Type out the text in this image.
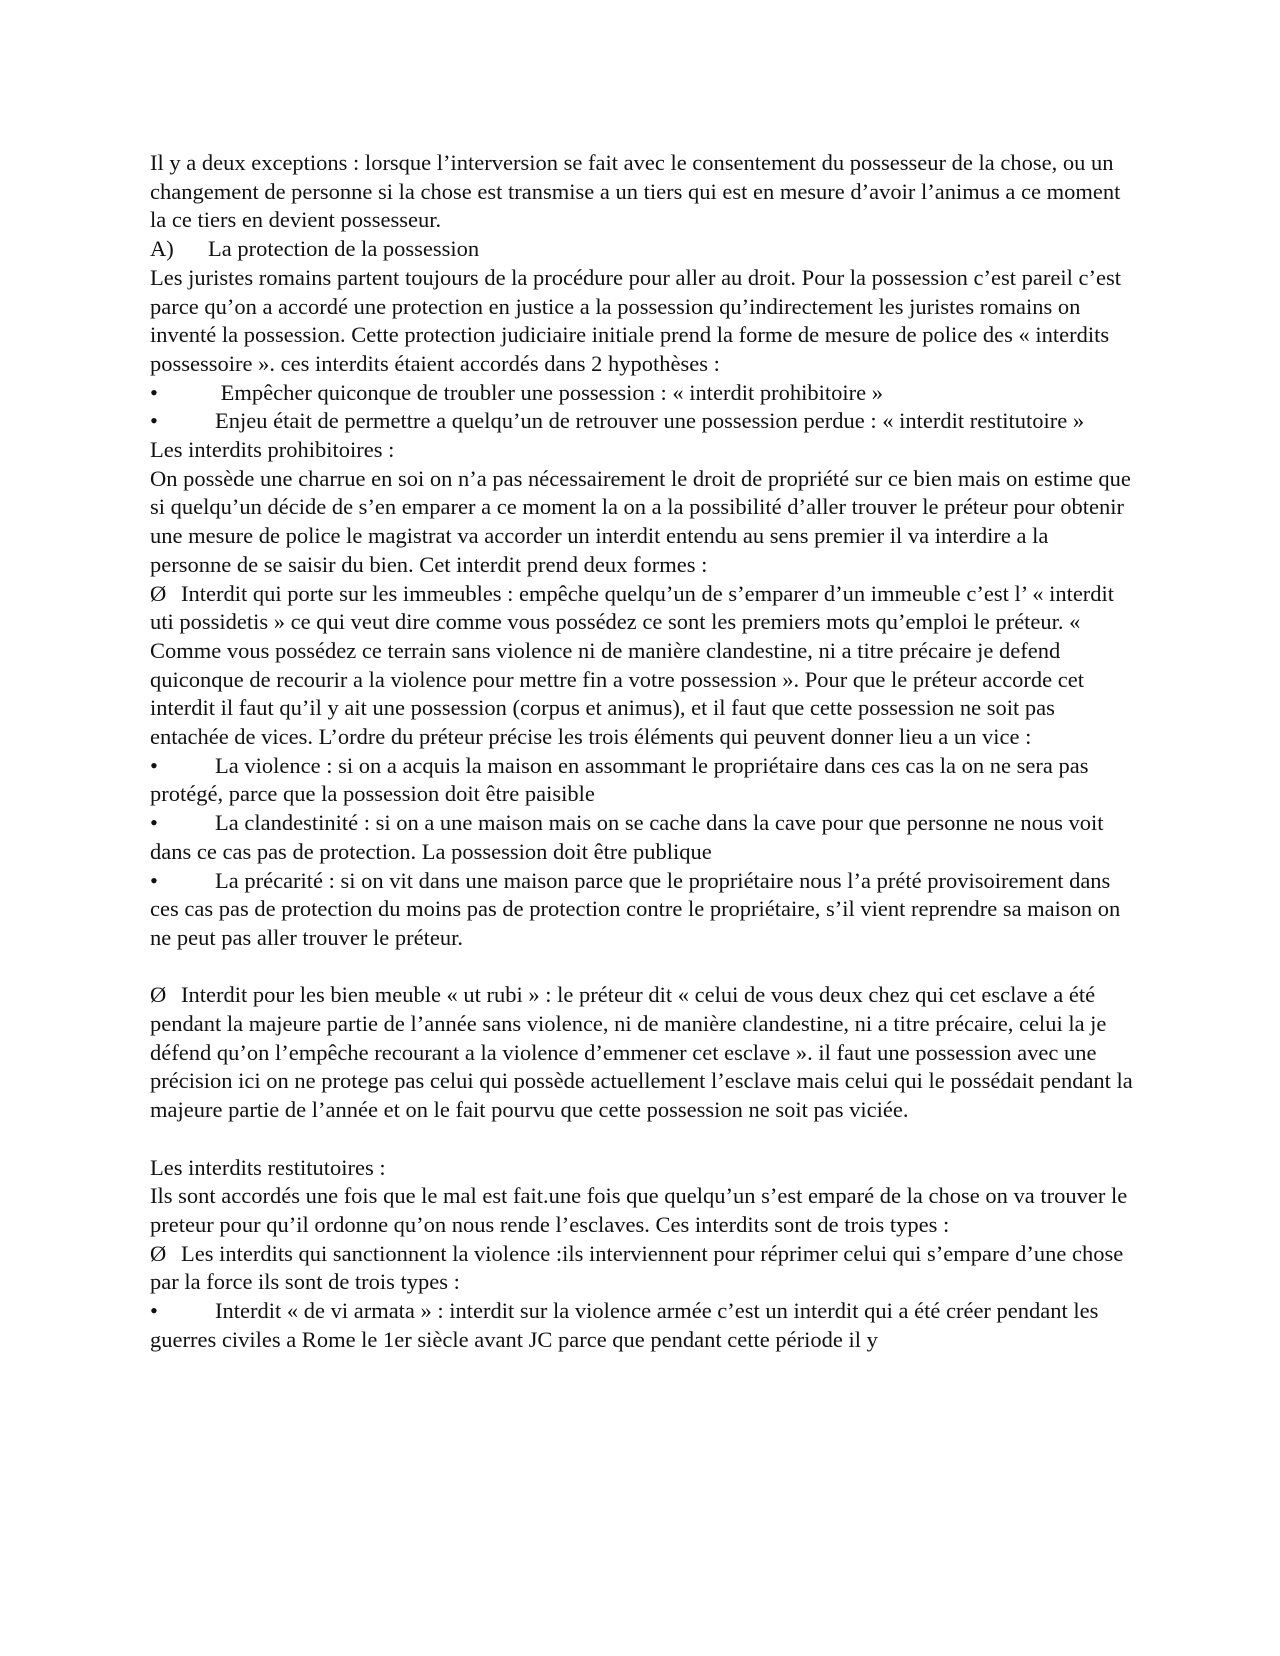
Il y a deux exceptions : lorsque l’interversion se fait avec le consentement du possesseur de la chose, ou un changement de personne si la chose est transmise a un tiers qui est en mesure d’avoir l’animus a ce moment la ce tiers en devient possesseur.

A) La protection de la possession

Les juristes romains partent toujours de la procédure pour aller au droit. Pour la possession c’est pareil c’est parce qu’on a accordé une protection en justice a la possession qu’indirectement les juristes romains on inventé la possession. Cette protection judiciaire initiale prend la forme de mesure de police des « interdits possessoire ». ces interdits étaient accordés dans 2 hypothèses :

•	Empêcher quiconque de troubler une possession : « interdit prohibitoire »

•	Enjeu était de permettre a quelqu’un de retrouver une possession perdue : « interdit restitutoire »

Les interdits prohibitoires :

On possède une charrue en soi on n’a pas nécessairement le droit de propriété sur ce bien mais on estime que si quelqu’un décide de s’en emparer a ce moment la on a la possibilité d’aller trouver le préteur pour obtenir une mesure de police le magistrat va accorder un interdit entendu au sens premier il va interdire a la personne de se saisir du bien. Cet interdit prend deux formes :

Ø Interdit qui porte sur les immeubles : empêche quelqu’un de s’emparer d’un immeuble c’est l’ « interdit uti possidetis » ce qui veut dire comme vous possédez ce sont les premiers mots qu’emploi le préteur. « Comme vous possédez ce terrain sans violence ni de manière clandestine, ni a titre précaire je defend quiconque de recourir a la violence pour mettre fin a votre possession ». Pour que le préteur accorde cet interdit il faut qu’il y ait une possession (corpus et animus), et il faut que cette possession ne soit pas entachée de vices. L’ordre du préteur précise les trois éléments qui peuvent donner lieu a un vice :

•	La violence : si on a acquis la maison en assommant le propriétaire dans ces cas la on ne sera pas protégé, parce que la possession doit être paisible

•	La clandestinité : si on a une maison mais on se cache dans la cave pour que personne ne nous voit dans ce cas pas de protection. La possession doit être publique

•	La précarité : si on vit dans une maison parce que le propriétaire nous l’a prété provisoirement dans ces cas pas de protection du moins pas de protection contre le propriétaire, s’il vient reprendre sa maison on ne peut pas aller trouver le préteur.

Ø Interdit pour les bien meuble « ut rubi » : le préteur dit « celui de vous deux chez qui cet esclave a été pendant la majeure partie de l’année sans violence, ni de manière clandestine, ni a titre précaire, celui la je défend qu’on l’empêche recourant a la violence d’emmener cet esclave ». il faut une possession avec une précision ici on ne protege pas celui qui possède actuellement l’esclave mais celui qui le possédait pendant la majeure partie de l’année et on le fait pourvu que cette possession ne soit pas viciée.

Les interdits restitutoires :

Ils sont accordés une fois que le mal est fait.une fois que quelqu’un s’est emparé de la chose on va trouver le preteur pour qu’il ordonne qu’on nous rende l’esclaves. Ces interdits sont de trois types :

Ø Les interdits qui sanctionnent la violence :ils interviennent pour réprimer celui qui s’empare d’une chose par la force ils sont de trois types :

•	Interdit « de vi armata » : interdit sur la violence armée c’est un interdit qui a été créer pendant les guerres civiles a Rome le 1er siècle avant JC parce que pendant cette période il y
